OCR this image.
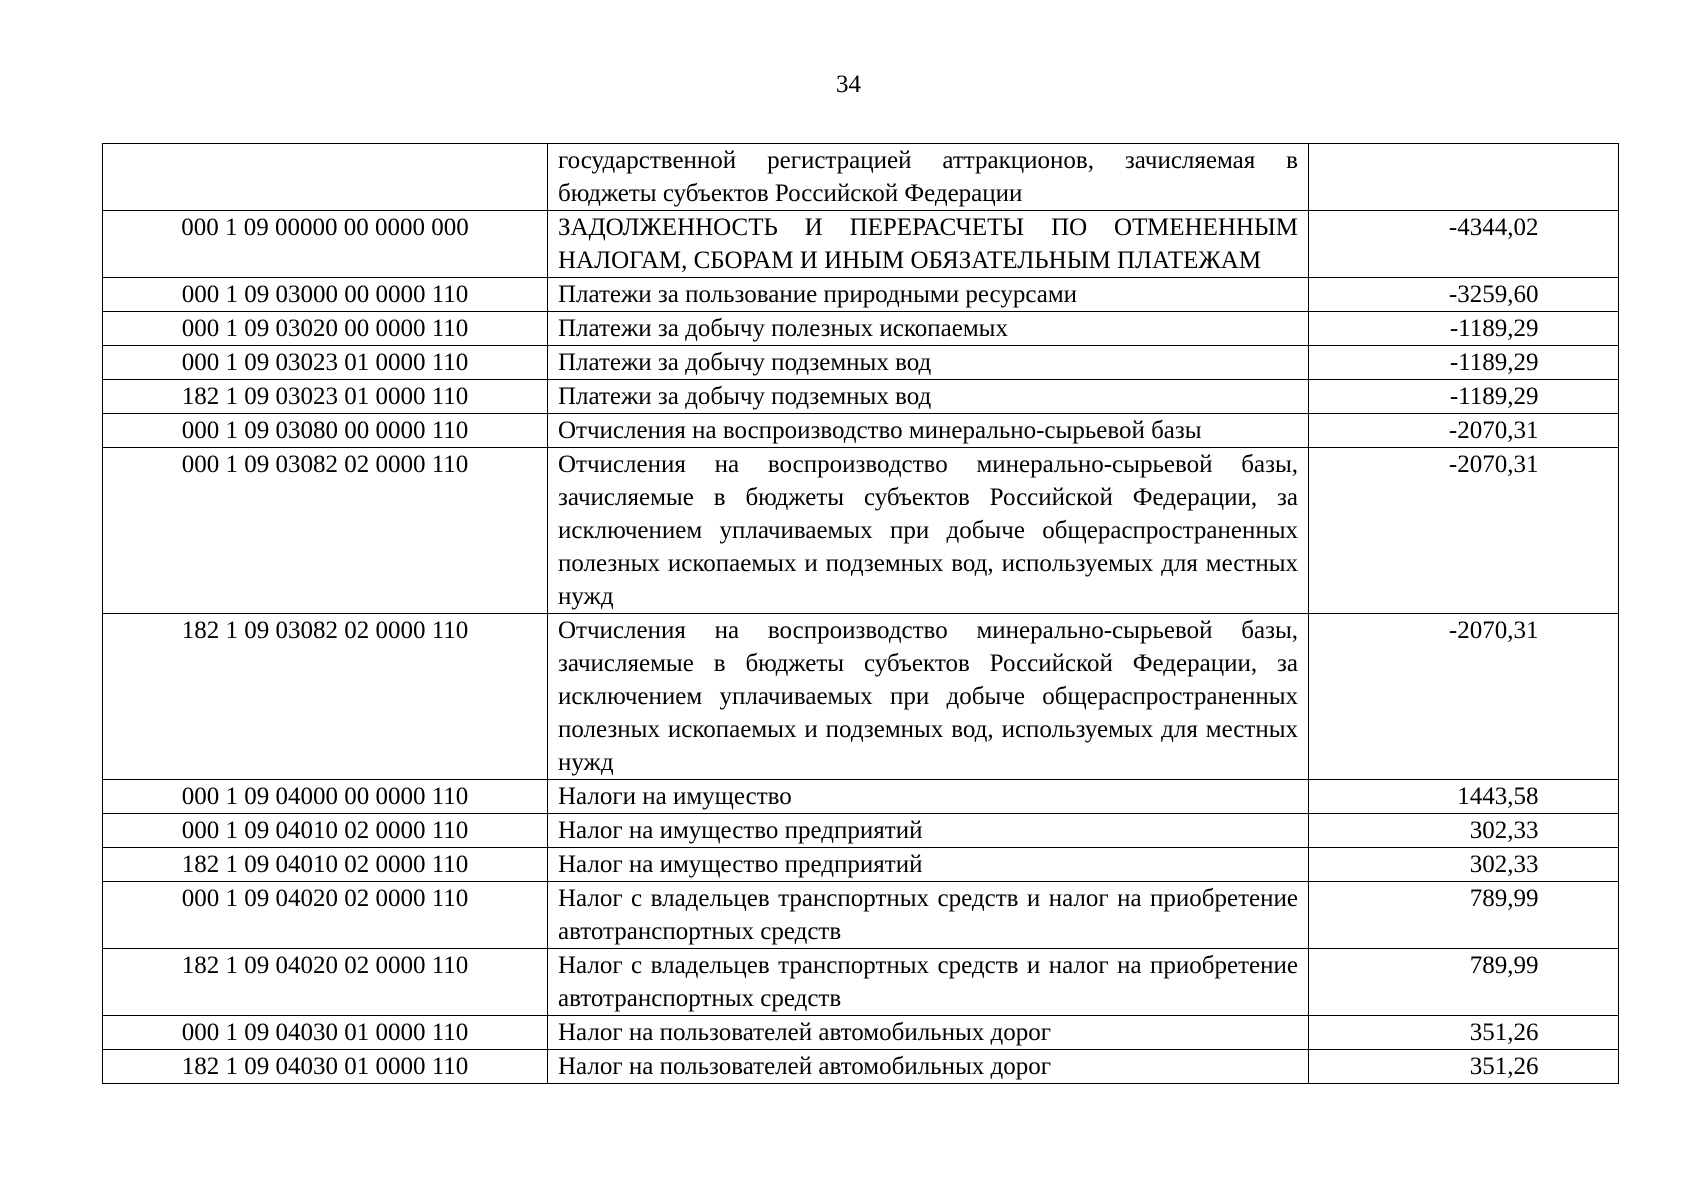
34
	государственной регистрацией аттракционов, зачисляемая в бюджеты субъектов Российской Федерации	
000 1 09 00000 00 0000 000	ЗАДОЛЖЕННОСТЬ И ПЕРЕРАСЧЕТЫ ПО ОТМЕНЕННЫМ НАЛОГАМ, СБОРАМ И ИНЫМ ОБЯЗАТЕЛЬНЫМ ПЛАТЕЖАМ	-4344,02
000 1 09 03000 00 0000 110	Платежи за пользование природными ресурсами	-3259,60
000 1 09 03020 00 0000 110	Платежи за добычу полезных ископаемых	-1189,29
000 1 09 03023 01 0000 110	Платежи за добычу подземных вод	-1189,29
182 1 09 03023 01 0000 110	Платежи за добычу подземных вод	-1189,29
000 1 09 03080 00 0000 110	Отчисления на воспроизводство минерально-сырьевой базы	-2070,31
000 1 09 03082 02 0000 110	Отчисления на воспроизводство минерально-сырьевой базы, зачисляемые в бюджеты субъектов Российской Федерации, за исключением уплачиваемых при добыче общераспространенных полезных ископаемых и подземных вод, используемых для местных нужд	-2070,31
182 1 09 03082 02 0000 110	Отчисления на воспроизводство минерально-сырьевой базы, зачисляемые в бюджеты субъектов Российской Федерации, за исключением уплачиваемых при добыче общераспространенных полезных ископаемых и подземных вод, используемых для местных нужд	-2070,31
000 1 09 04000 00 0000 110	Налоги на имущество	1443,58
000 1 09 04010 02 0000 110	Налог на имущество предприятий	302,33
182 1 09 04010 02 0000 110	Налог на имущество предприятий	302,33
000 1 09 04020 02 0000 110	Налог с владельцев транспортных средств и налог на приобретение автотранспортных средств	789,99
182 1 09 04020 02 0000 110	Налог с владельцев транспортных средств и налог на приобретение автотранспортных средств	789,99
000 1 09 04030 01 0000 110	Налог на пользователей автомобильных дорог	351,26
182 1 09 04030 01 0000 110	Налог на пользователей автомобильных дорог	351,26
